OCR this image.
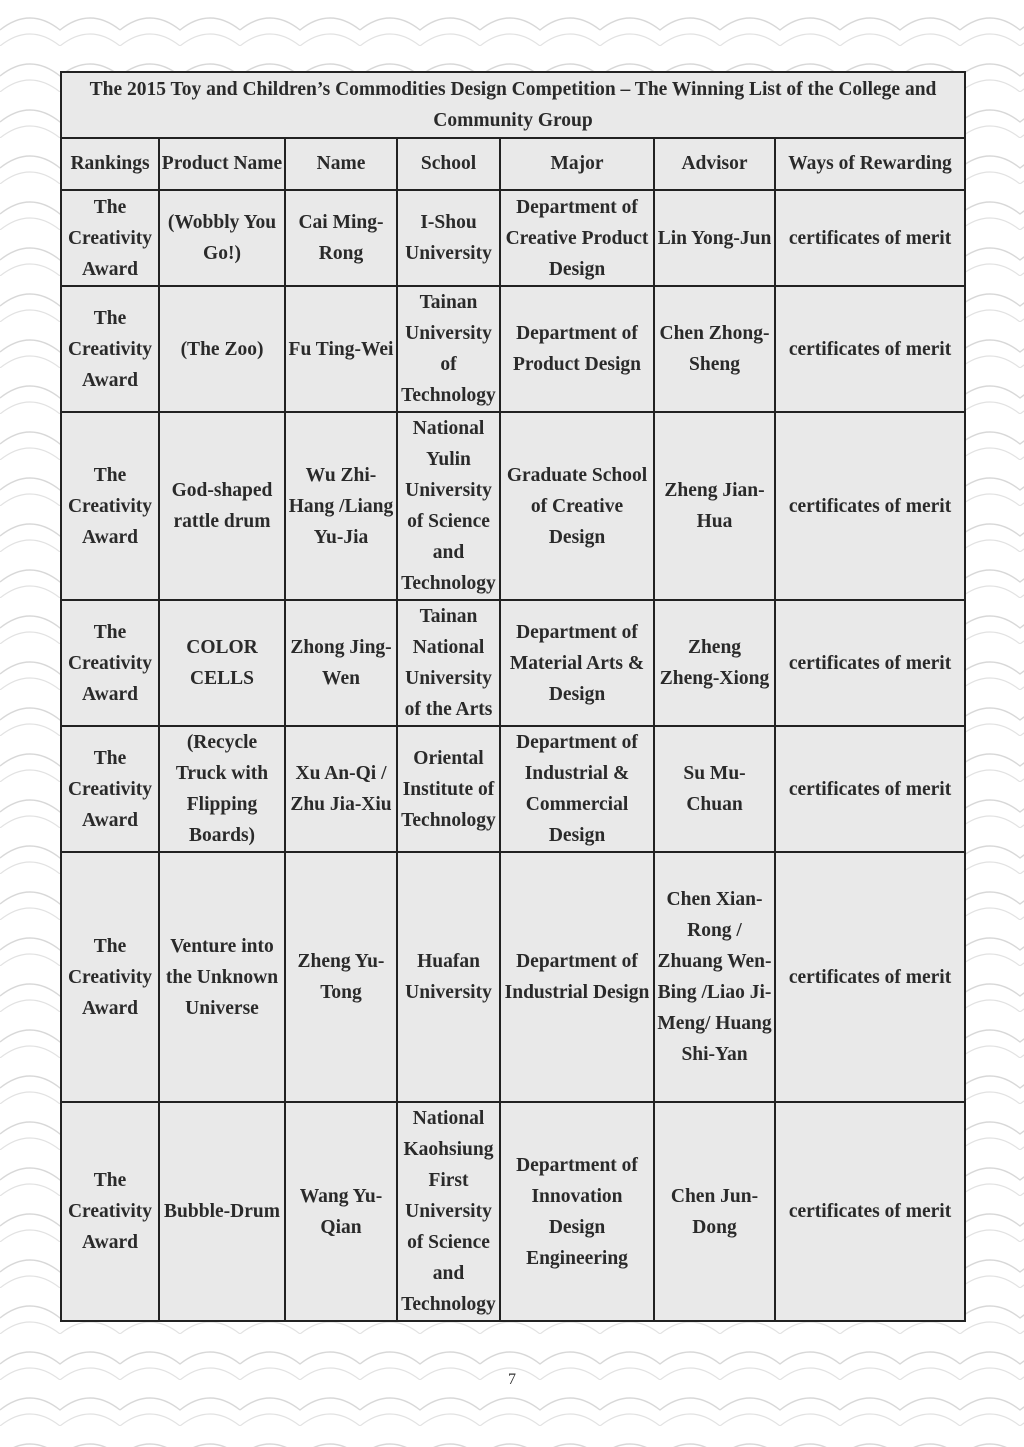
The 2015 Toy and Children’s Commodities Design Competition – The Winning List of the College and Community Group						
Rankings	Product Name	Name	School	Major	Advisor	Ways of Rewarding
The Creativity Award	(Wobbly You Go!)	Cai Ming-Rong	I-Shou University	Department of Creative Product Design	Lin Yong-Jun	certificates of merit
The Creativity Award	(The Zoo)	Fu Ting-Wei	Tainan University of Technology	Department of Product Design	Chen Zhong-Sheng	certificates of merit
The Creativity Award	God-shaped rattle drum	Wu Zhi-Hang /Liang Yu-Jia	National Yulin University of Science and Technology	Graduate School of Creative Design	Zheng Jian-Hua	certificates of merit
The Creativity Award	COLOR CELLS	Zhong Jing-Wen	Tainan National University of the Arts	Department of Material Arts & Design	Zheng Zheng-Xiong	certificates of merit
The Creativity Award	(Recycle Truck with Flipping Boards)	Xu An-Qi / Zhu Jia-Xiu	Oriental Institute of Technology	Department of Industrial & Commercial Design	Su Mu-Chuan	certificates of merit
The Creativity Award	Venture into the Unknown Universe	Zheng Yu-Tong	Huafan University	Department of Industrial Design	Chen Xian-Rong / Zhuang Wen-Bing /Liao Ji-Meng/ Huang Shi-Yan	certificates of merit
The Creativity Award	Bubble-Drum	Wang Yu-Qian	National Kaohsiung First University of Science and Technology	Department of Innovation Design Engineering	Chen Jun-Dong	certificates of merit
7
